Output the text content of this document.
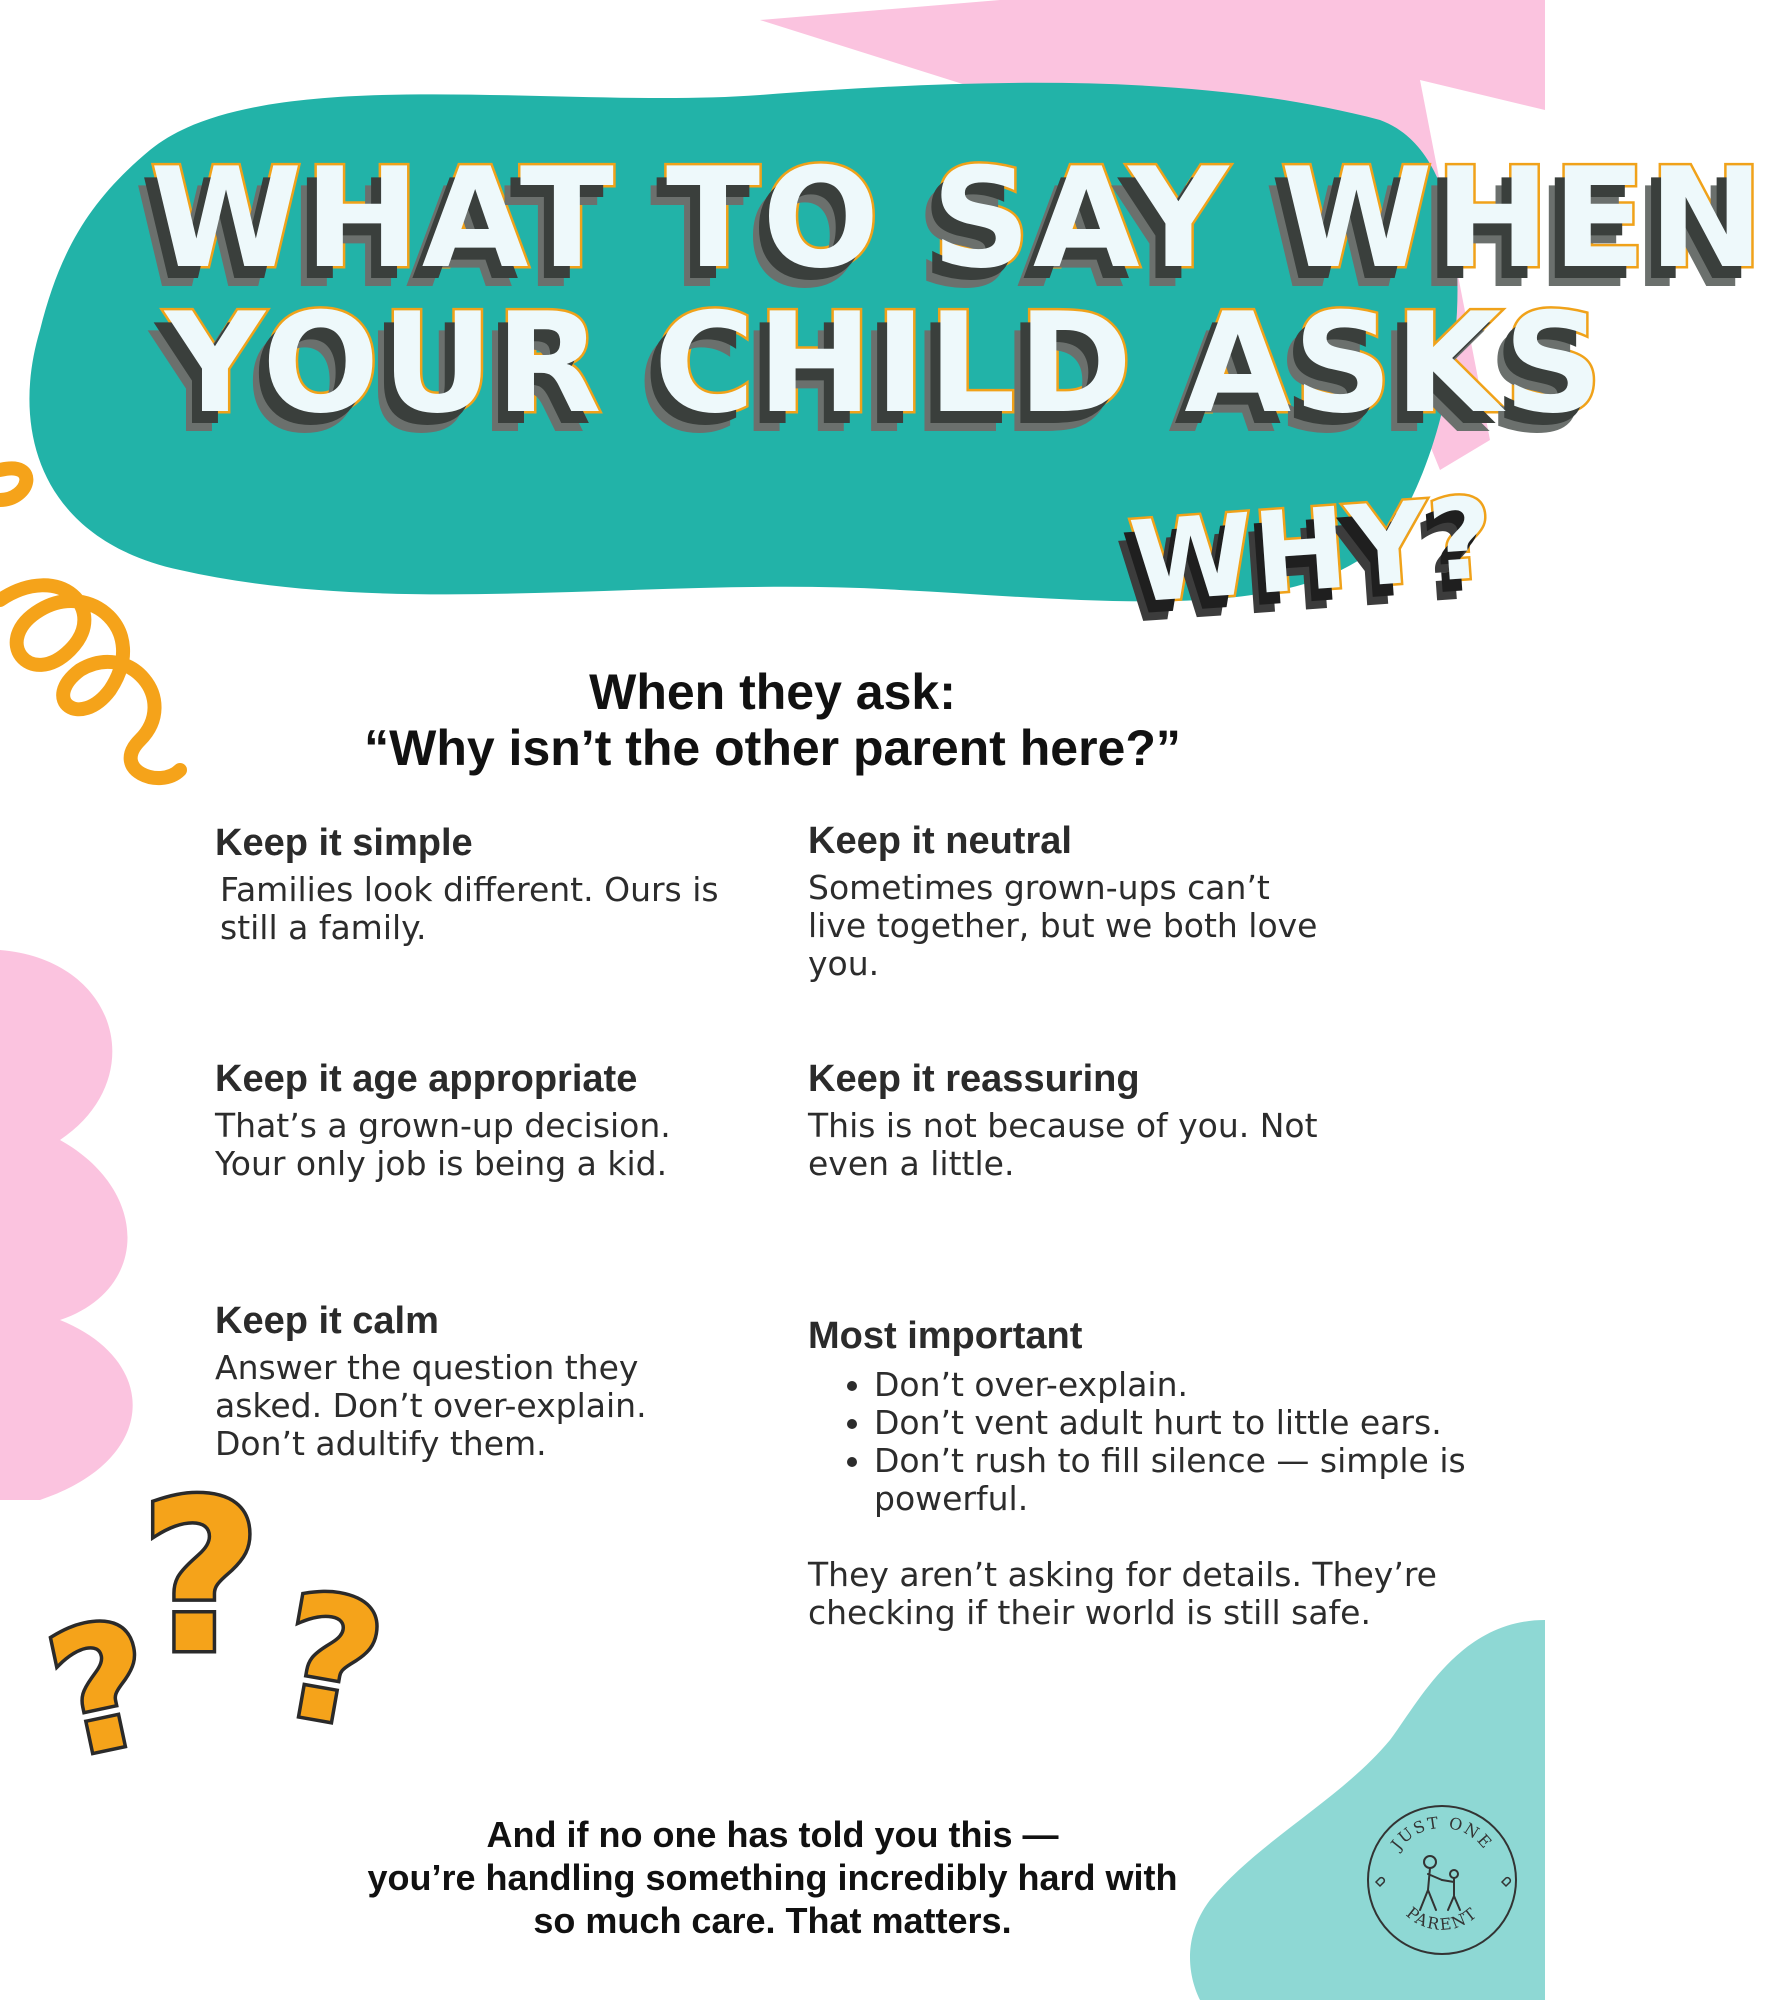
?
? ?
WHAT TO SAY WHEN
YOUR CHILD ASKS
WHY?
When they ask:
“Why isn’t the other parent here?”
Keep it simple

Families look different. Ours is still a family.

Keep it neutral

Sometimes grown-ups can’t live together, but we both love you.

Keep it age appropriate

That’s a grown-up decision. Your only job is being a kid.

Keep it reassuring

This is not because of you. Not even a little.

Keep it calm

Answer the question they asked. Don’t over-explain. Don’t adultify them.

Most important
• Don’t over-explain.
• Don’t vent adult hurt to little ears.
• Don’t rush to fill silence — simple is powerful.

They aren’t asking for details. They’re checking if their world is still safe.

And if no one has told you this —
you’re handling something incredibly hard with
so much care. That matters.
JUST ONE
PARENT
